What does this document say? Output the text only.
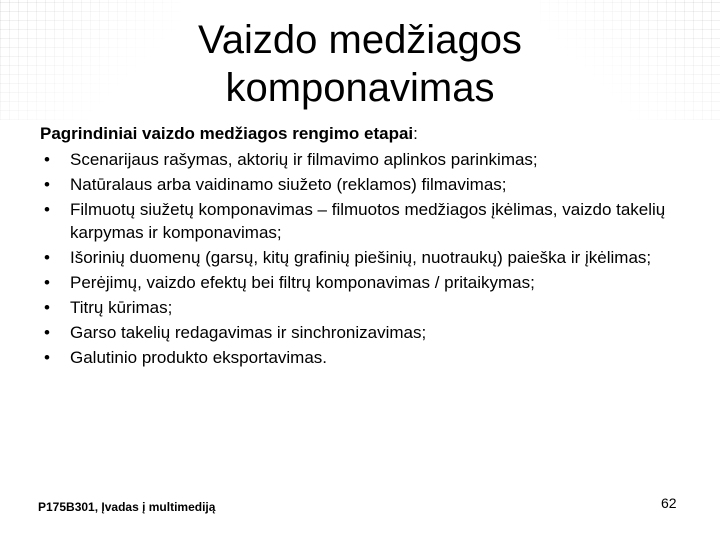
Vaizdo medžiagos
komponavimas

Pagrindiniai vaizdo medžiagos rengimo etapai:

• Scenarijaus rašymas, aktorių ir filmavimo aplinkos parinkimas;
• Natūralaus arba vaidinamo siužeto (reklamos) filmavimas;
• Filmuotų siužetų komponavimas – filmuotos medžiagos įkėlimas, vaizdo takelių karpymas ir komponavimas;
• Išorinių duomenų (garsų, kitų grafinių piešinių, nuotraukų) paieška ir įkėlimas;
• Perėjimų, vaizdo efektų bei filtrų komponavimas / pritaikymas;
• Titrų kūrimas;
• Garso takelių redagavimas ir sinchronizavimas;
• Galutinio produkto eksportavimas.
P175B301, Įvadas į multimediją	62
